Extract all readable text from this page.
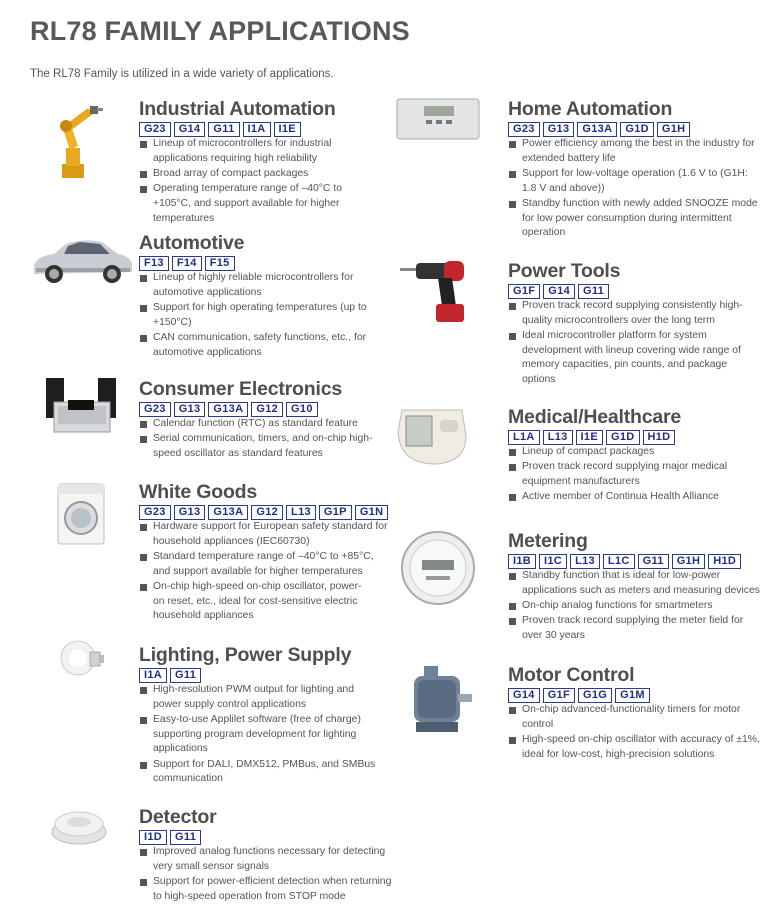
RL78 FAMILY APPLICATIONS
The RL78 Family is utilized in a wide variety of applications.
Industrial Automation
G23	G14	G11	I1A	I1E
Lineup of microcontrollers for industrial applications requiring high reliability
Broad array of compact packages
Operating temperature range of –40°C to +105°C, and support available for higher temperatures
Automotive
F13	F14	F15
Lineup of highly reliable microcontrollers for automotive applications
Support for high operating temperatures (up to +150°C)
CAN communication, safety functions, etc., for automotive applications
Consumer Electronics
G23	G13	G13A	G12	G10
Calendar function (RTC) as standard feature
Serial communication, timers, and on-chip high-speed oscillator as standard features
White Goods
G23	G13	G13A	G12	L13	G1P	G1N
Hardware support for European safety standard for household appliances (IEC60730)
Standard temperature range of –40°C to +85°C, and support available for higher temperatures
On-chip high-speed on-chip oscillator, power-on reset, etc., ideal for cost-sensitive electric household appliances
Lighting, Power Supply
I1A	G11
High-resolution PWM output for lighting and power supply control applications
Easy-to-use Applilet software (free of charge) supporting program development for lighting applications
Support for DALI, DMX512, PMBus, and SMBus communication
Detector
I1D	G11
Improved analog functions necessary for detecting very small sensor signals
Support for power-efficient detection when returning to high-speed operation from STOP mode
Home Automation
G23	G13	G13A	G1D	G1H
Power efficiency among the best in the industry for extended battery life
Support for low-voltage operation (1.6 V to (G1H: 1.8 V and above))
Standby function with newly added SNOOZE mode for low power consumption during intermittent operation
Power Tools
G1F	G14	G11
Proven track record supplying consistently high-quality microcontrollers over the long term
Ideal microcontroller platform for system development with lineup covering wide range of memory capacities, pin counts, and package options
Medical/Healthcare
L1A	L13	I1E	G1D	H1D
Lineup of compact packages
Proven track record supplying major medical equipment manufacturers
Active member of Continua Health Alliance
Metering
I1B	I1C	L13	L1C	G11	G1H	H1D
Standby function that is ideal for low-power applications such as meters and measuring devices
On-chip analog functions for smartmeters
Proven track record supplying the meter field for over 30 years
Motor Control
G14	G1F	G1G	G1M
On-chip advanced-functionality timers for motor control
High-speed on-chip oscillator with accuracy of ±1%, ideal for low-cost, high-precision solutions
